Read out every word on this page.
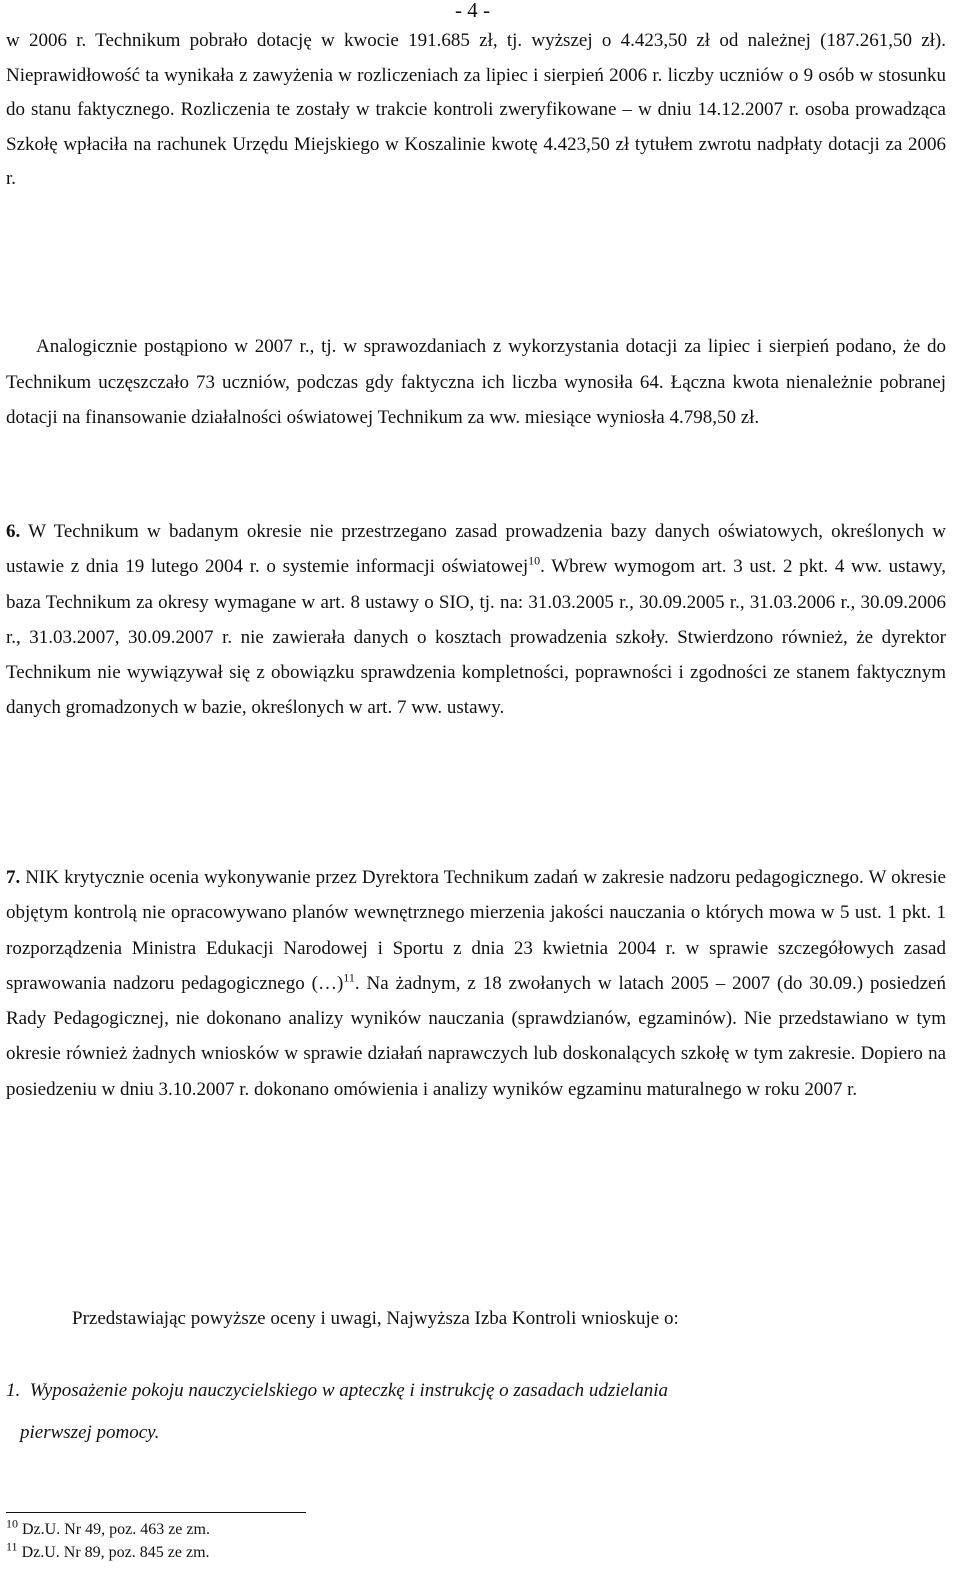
- 4 -

w 2006 r. Technikum pobrało dotację w kwocie 191.685 zł, tj. wyższej o 4.423,50 zł od należnej (187.261,50 zł). Nieprawidłowość ta wynikała z zawyżenia w rozliczeniach za lipiec i sierpień 2006 r. liczby uczniów o 9 osób w stosunku do stanu faktycznego. Rozliczenia te zostały w trakcie kontroli zweryfikowane – w dniu 14.12.2007 r. osoba prowadząca Szkołę wpłaciła na rachunek Urzędu Miejskiego w Koszalinie kwotę 4.423,50 zł tytułem zwrotu nadpłaty dotacji za 2006 r.

Analogicznie postąpiono w 2007 r., tj. w sprawozdaniach z wykorzystania dotacji za lipiec i sierpień podano, że do Technikum uczęszczało 73 uczniów, podczas gdy faktyczna ich liczba wynosiła 64. Łączna kwota nienależnie pobranej dotacji na finansowanie działalności oświatowej Technikum za ww. miesiące wyniosła 4.798,50 zł.

6. W Technikum w badanym okresie nie przestrzegano zasad prowadzenia bazy danych oświatowych, określonych w ustawie z dnia 19 lutego 2004 r. o systemie informacji oświatowej$^{10}$. Wbrew wymogom art. 3 ust. 2 pkt. 4 ww. ustawy, baza Technikum za okresy wymagane w art. 8 ustawy o SIO, tj. na: 31.03.2005 r., 30.09.2005 r., 31.03.2006 r., 30.09.2006 r., 31.03.2007, 30.09.2007 r. nie zawierała danych o kosztach prowadzenia szkoły. Stwierdzono również, że dyrektor Technikum nie wywiązywał się z obowiązku sprawdzenia kompletności, poprawności i zgodności ze stanem faktycznym danych gromadzonych w bazie, określonych w art. 7 ww. ustawy.

7. NIK krytycznie ocenia wykonywanie przez Dyrektora Technikum zadań w zakresie nadzoru pedagogicznego. W okresie objętym kontrolą nie opracowywano planów wewnętrznego mierzenia jakości nauczania o których mowa w 5 ust. 1 pkt. 1 rozporządzenia Ministra Edukacji Narodowej i Sportu z dnia 23 kwietnia 2004 r. w sprawie szczegółowych zasad sprawowania nadzoru pedagogicznego (…)$^{11}$. Na żadnym, z 18 zwołanych w latach 2005 – 2007 (do 30.09.) posiedzeń Rady Pedagogicznej, nie dokonano analizy wyników nauczania (sprawdzianów, egzaminów). Nie przedstawiano w tym okresie również żadnych wniosków w sprawie działań naprawczych lub doskonalących szkołę w tym zakresie. Dopiero na posiedzeniu w dniu 3.10.2007 r. dokonano omówienia i analizy wyników egzaminu maturalnego w roku 2007 r.

Przedstawiając powyższe oceny i uwagi, Najwyższa Izba Kontroli wnioskuje o:

1. Wyposażenie pokoju nauczycielskiego w apteczkę i instrukcję o zasadach udzielania
pierwszej pomocy.
$^{10}$ Dz.U. Nr 49, poz. 463 ze zm.
$^{11}$ Dz.U. Nr 89, poz. 845 ze zm.
